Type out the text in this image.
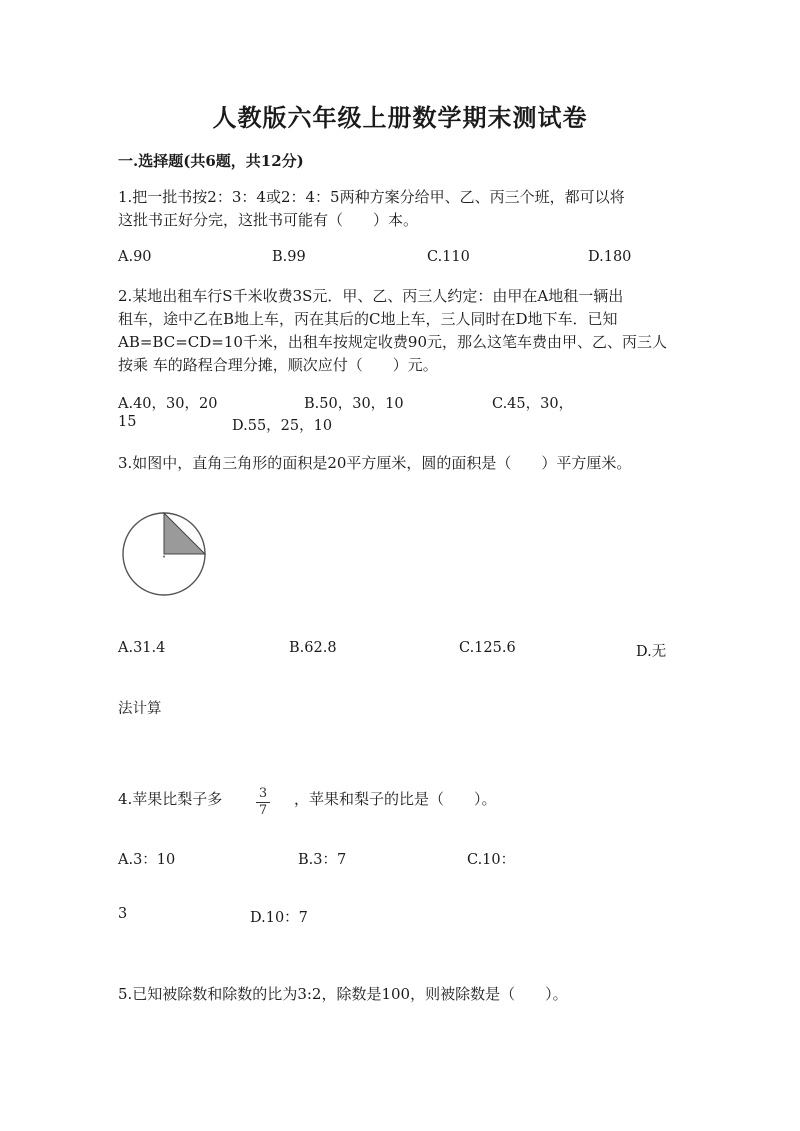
人教版六年级上册数学期末测试卷
一.选择题(共6题，共12分)
1.把一批书按2：3：4或2：4：5两种方案分给甲、乙、丙三个班，都可以将
这批书正好分完，这批书可能有（　　）本。
A.90	B.99	C.110	D.180
2.某地出租车行S千米收费3S元．甲、乙、丙三人约定：由甲在A地租一辆出
租车，途中乙在B地上车，丙在其后的C地上车，三人同时在D地下车．已知
AB=BC=CD=10千米，出租车按规定收费90元，那么这笔车费由甲、乙、丙三人
按乘 车的路程合理分摊，顺次应付（　　）元。
A.40，30，20	B.50，30，10	C.45，30，
15	D.55，25，10
3.如图中，直角三角形的面积是20平方厘米，圆的面积是（　　）平方厘米。
A.31.4	B.62.8	C.125.6	D.无
法计算
4.苹果比梨子多	3
7
，苹果和梨子的比是（　　）。
A.3：10	B.3：7	C.10：
3	D.10：7
5.已知被除数和除数的比为3:2，除数是100，则被除数是（　　）。
